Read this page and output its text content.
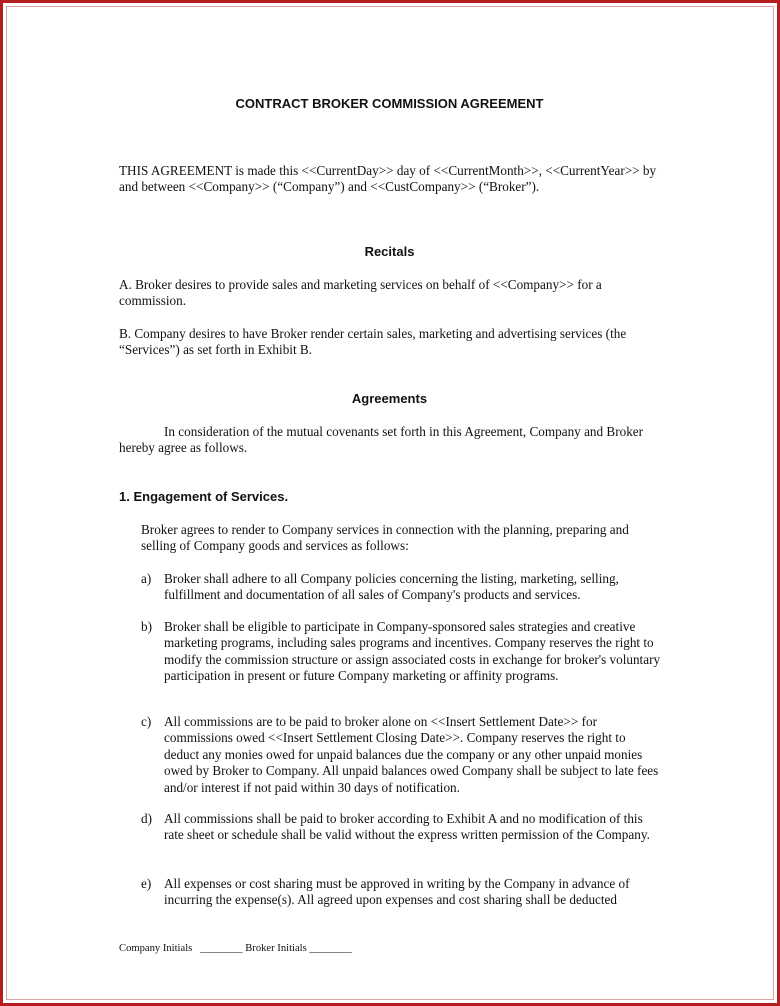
CONTRACT BROKER COMMISSION AGREEMENT

THIS AGREEMENT is made this <<CurrentDay>> day of <<CurrentMonth>>, <<CurrentYear>> by and between <<Company>> (“Company”) and <<CustCompany>> (“Broker”).

Recitals

A. Broker desires to provide sales and marketing services on behalf of <<Company>> for a commission.

B. Company desires to have Broker render certain sales, marketing and advertising services (the “Services”) as set forth in Exhibit B.

Agreements

In consideration of the mutual covenants set forth in this Agreement, Company and Broker hereby agree as follows.

1. Engagement of Services.

Broker agrees to render to Company services in connection with the planning, preparing and selling of Company goods and services as follows:

a) Broker shall adhere to all Company policies concerning the listing, marketing, selling, fulfillment and documentation of all sales of Company's products and services.
b) Broker shall be eligible to participate in Company-sponsored sales strategies and creative marketing programs, including sales programs and incentives. Company reserves the right to modify the commission structure or assign associated costs in exchange for broker's voluntary participation in present or future Company marketing or affinity programs.
c) All commissions are to be paid to broker alone on <<Insert Settlement Date>> for commissions owed <<Insert Settlement Closing Date>>. Company reserves the right to deduct any monies owed for unpaid balances due the company or any other unpaid monies owed by Broker to Company. All unpaid balances owed Company shall be subject to late fees and/or interest if not paid within 30 days of notification.
d) All commissions shall be paid to broker according to Exhibit A and no modification of this rate sheet or schedule shall be valid without the express written permission of the Company.
e) All expenses or cost sharing must be approved in writing by the Company in advance of incurring the expense(s). All agreed upon expenses and cost sharing shall be deducted
Company Initials   ________ Broker Initials ________
